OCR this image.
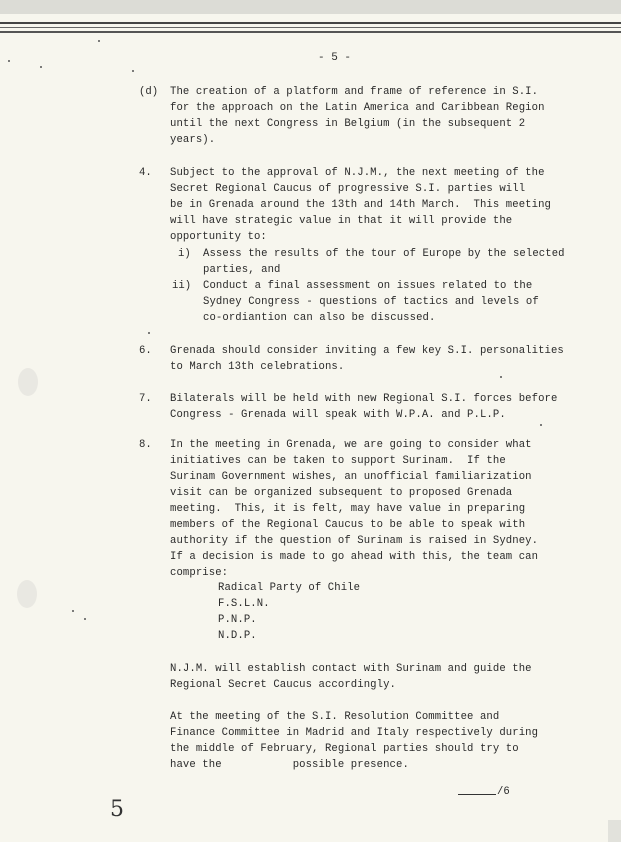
- 5 -
(d) The creation of a platform and frame of reference in S.I.
for the approach on the Latin America and Caribbean Region
until the next Congress in Belgium (in the subsequent 2
years).
4. Subject to the approval of N.J.M., the next meeting of the
Secret Regional Caucus of progressive S.I. parties will
be in Grenada around the 13th and 14th March.  This meeting
will have strategic value in that it will provide the
opportunity to:
i) Assess the results of the tour of Europe by the selected
parties, and
ii) Conduct a final assessment on issues related to the
Sydney Congress - questions of tactics and levels of
co-ordiantion can also be discussed.
6. Grenada should consider inviting a few key S.I. personalities
to March 13th celebrations.
7. Bilaterals will be held with new Regional S.I. forces before
Congress - Grenada will speak with W.P.A. and P.L.P.
8. In the meeting in Grenada, we are going to consider what
initiatives can be taken to support Surinam.  If the
Surinam Government wishes, an unofficial familiarization
visit can be organized subsequent to proposed Grenada
meeting.  This, it is felt, may have value in preparing
members of the Regional Caucus to be able to speak with
authority if the question of Surinam is raised in Sydney.
If a decision is made to go ahead with this, the team can
comprise:
Radical Party of Chile
F.S.L.N.
P.N.P.
N.D.P.
N.J.M. will establish contact with Surinam and guide the
Regional Secret Caucus accordingly.
At the meeting of the S.I. Resolution Committee and
Finance Committee in Madrid and Italy respectively during
the middle of February, Regional parties should try to
have the           possible presence.
/6
5
